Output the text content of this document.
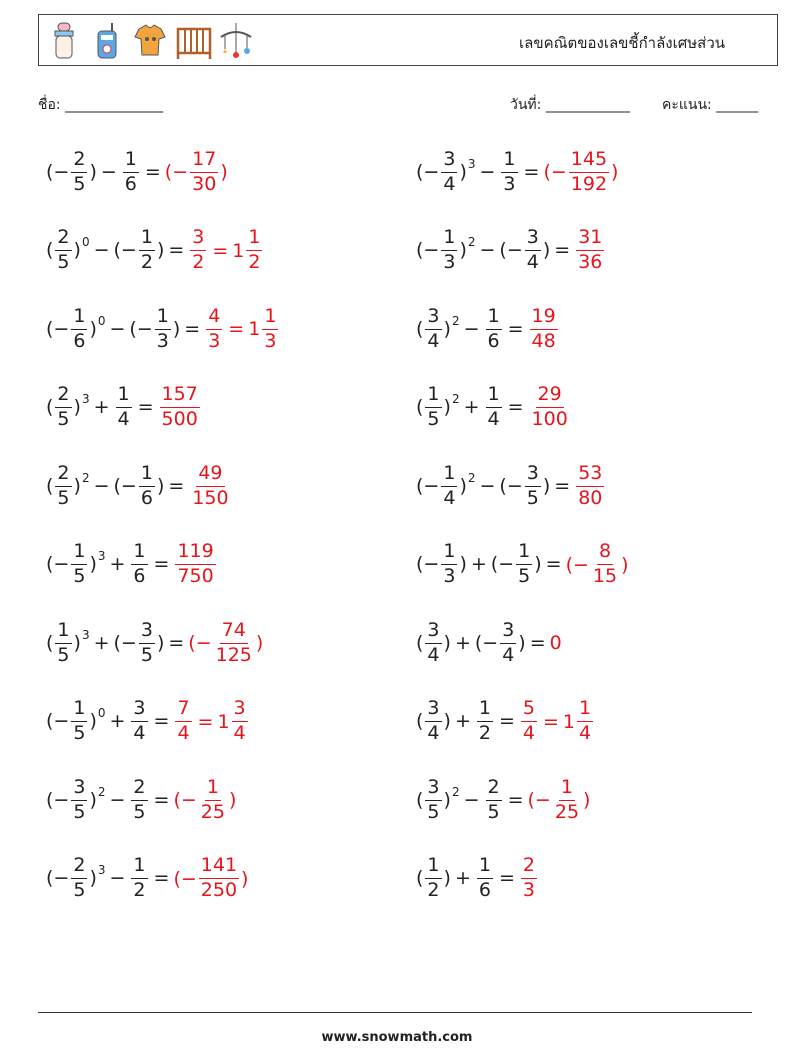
เลขคณิตของเลขชี้กำลังเศษส่วน
ชื่อ: ______________	วันที่: ____________ คะแนน: ______
(− $\frac{2}{5}$ ) − $\frac{1}{6}$ = (− $\frac{17}{30}$ )	(− $\frac{3}{4} )^3 - \frac{1}{3}$ = (− $\frac{145}{192}$ )
( $\frac{2}{5} )^0$ − (− $\frac{1}{2}$ ) = $\frac{3}{2} = 1 \frac{1}{2}$	(− $\frac{1}{3} )^2$ − (− $\frac{3}{4}$ ) = $\frac{31}{36}$
(− $\frac{1}{6} )^0$ − (− $\frac{1}{3}$ ) = $\frac{4}{3} = 1 \frac{1}{3}$	( $\frac{3}{4} )^2 - \frac{1}{6} = \frac{19}{48}$
( $\frac{2}{5} )^3 + \frac{1}{4} = \frac{157}{500}$	( $\frac{1}{5} )^2 + \frac{1}{4} = \frac{29}{100}$
( $\frac{2}{5} )^2$ − (− $\frac{1}{6}$ ) = $\frac{49}{150}$	(− $\frac{1}{4} )^2$ − (− $\frac{3}{5}$ ) = $\frac{53}{80}$
(− $\frac{1}{5} )^3 + \frac{1}{6} = \frac{119}{750}$	(− $\frac{1}{3}$ ) + (− $\frac{1}{5}$ ) = (− $\frac{8}{15}$ )
( $\frac{1}{5} )^3$ + (− $\frac{3}{5}$ ) = (− $\frac{74}{125}$ )	( $\frac{3}{4}$ ) + (− $\frac{3}{4}$ ) = 0
(− $\frac{1}{5} )^0 + \frac{3}{4} = \frac{7}{4} = 1 \frac{3}{4}$	( $\frac{3}{4}$ ) + $\frac{1}{2} = \frac{5}{4} = 1 \frac{1}{4}$
(− $\frac{3}{5} )^2 - \frac{2}{5}$ = (− $\frac{1}{25}$ )	( $\frac{3}{5} )^2 - \frac{2}{5}$ = (− $\frac{1}{25}$ )
(− $\frac{2}{5} )^3 - \frac{1}{2}$ = (− $\frac{141}{250}$ )	( $\frac{1}{2}$ ) + $\frac{1}{6} = \frac{2}{3}$
www.snowmath.com
